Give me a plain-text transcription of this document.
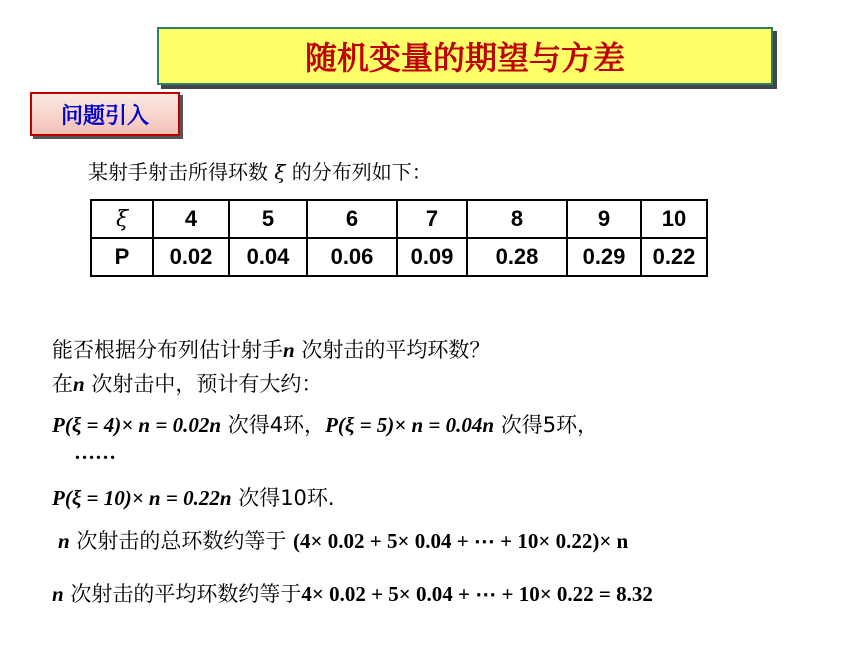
随机变量的期望与方差
问题引入
某射手射击所得环数 ξ 的分布列如下：
ξ	4	5	6	7	8	9	10
P	0.02	0.04	0.06	0.09	0.28	0.29	0.22
能否根据分布列估计射手n 次射击的平均环数？
在n 次射击中，预计有大约：
P(ξ = 4)× n = 0.02n 次得4环，P(ξ = 5)× n = 0.04n 次得5环，
……
P(ξ = 10)× n = 0.22n 次得10环.
n 次射击的总环数约等于 (4× 0.02 + 5× 0.04 + ⋯ + 10× 0.22)× n
n 次射击的平均环数约等于4× 0.02 + 5× 0.04 + ⋯ + 10× 0.22 = 8.32
